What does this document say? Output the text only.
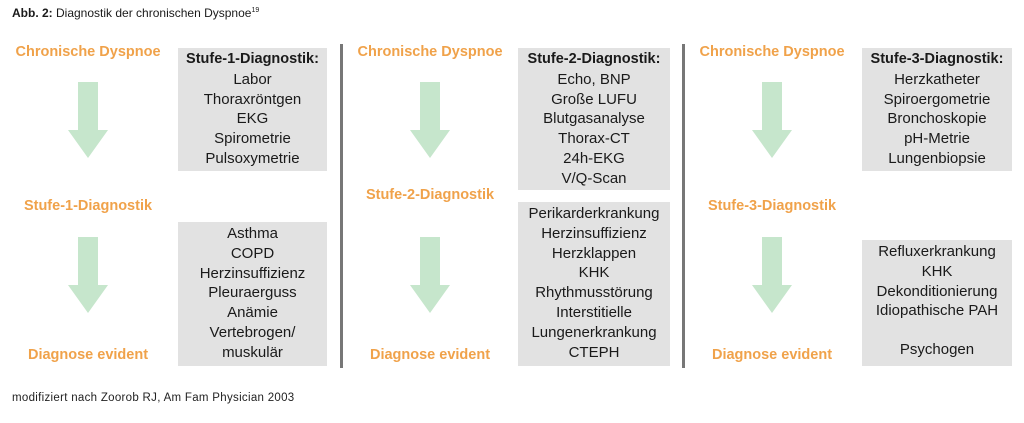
Abb. 2: Diagnostik der chronischen Dyspnoe$^{19}$
Chronische Dyspnoe
Stufe-1-Diagnostik
Diagnose evident
Stufe-1-Diagnostik:
Labor
Thoraxröntgen
EKG
Spirometrie
Pulsoxymetrie
Asthma
COPD
Herzinsuffizienz
Pleuraerguss
Anämie
Vertebrogen/
muskulär
Chronische Dyspnoe
Stufe-2-Diagnostik
Diagnose evident
Stufe-2-Diagnostik:
Echo, BNP
Große LUFU
Blutgasanalyse
Thorax-CT
24h-EKG
V/Q-Scan
Perikarderkrankung
Herzinsuffizienz
Herzklappen
KHK
Rhythmusstörung
Interstitielle
Lungenerkrankung
CTEPH
Chronische Dyspnoe
Stufe-3-Diagnostik
Diagnose evident
Stufe-3-Diagnostik:
Herzkatheter
Spiroergometrie
Bronchoskopie
pH-Metrie
Lungenbiopsie
Refluxerkrankung
KHK
Dekonditionierung
Idiopathische PAH
Psychogen
modifiziert nach Zoorob RJ, Am Fam Physician 2003
